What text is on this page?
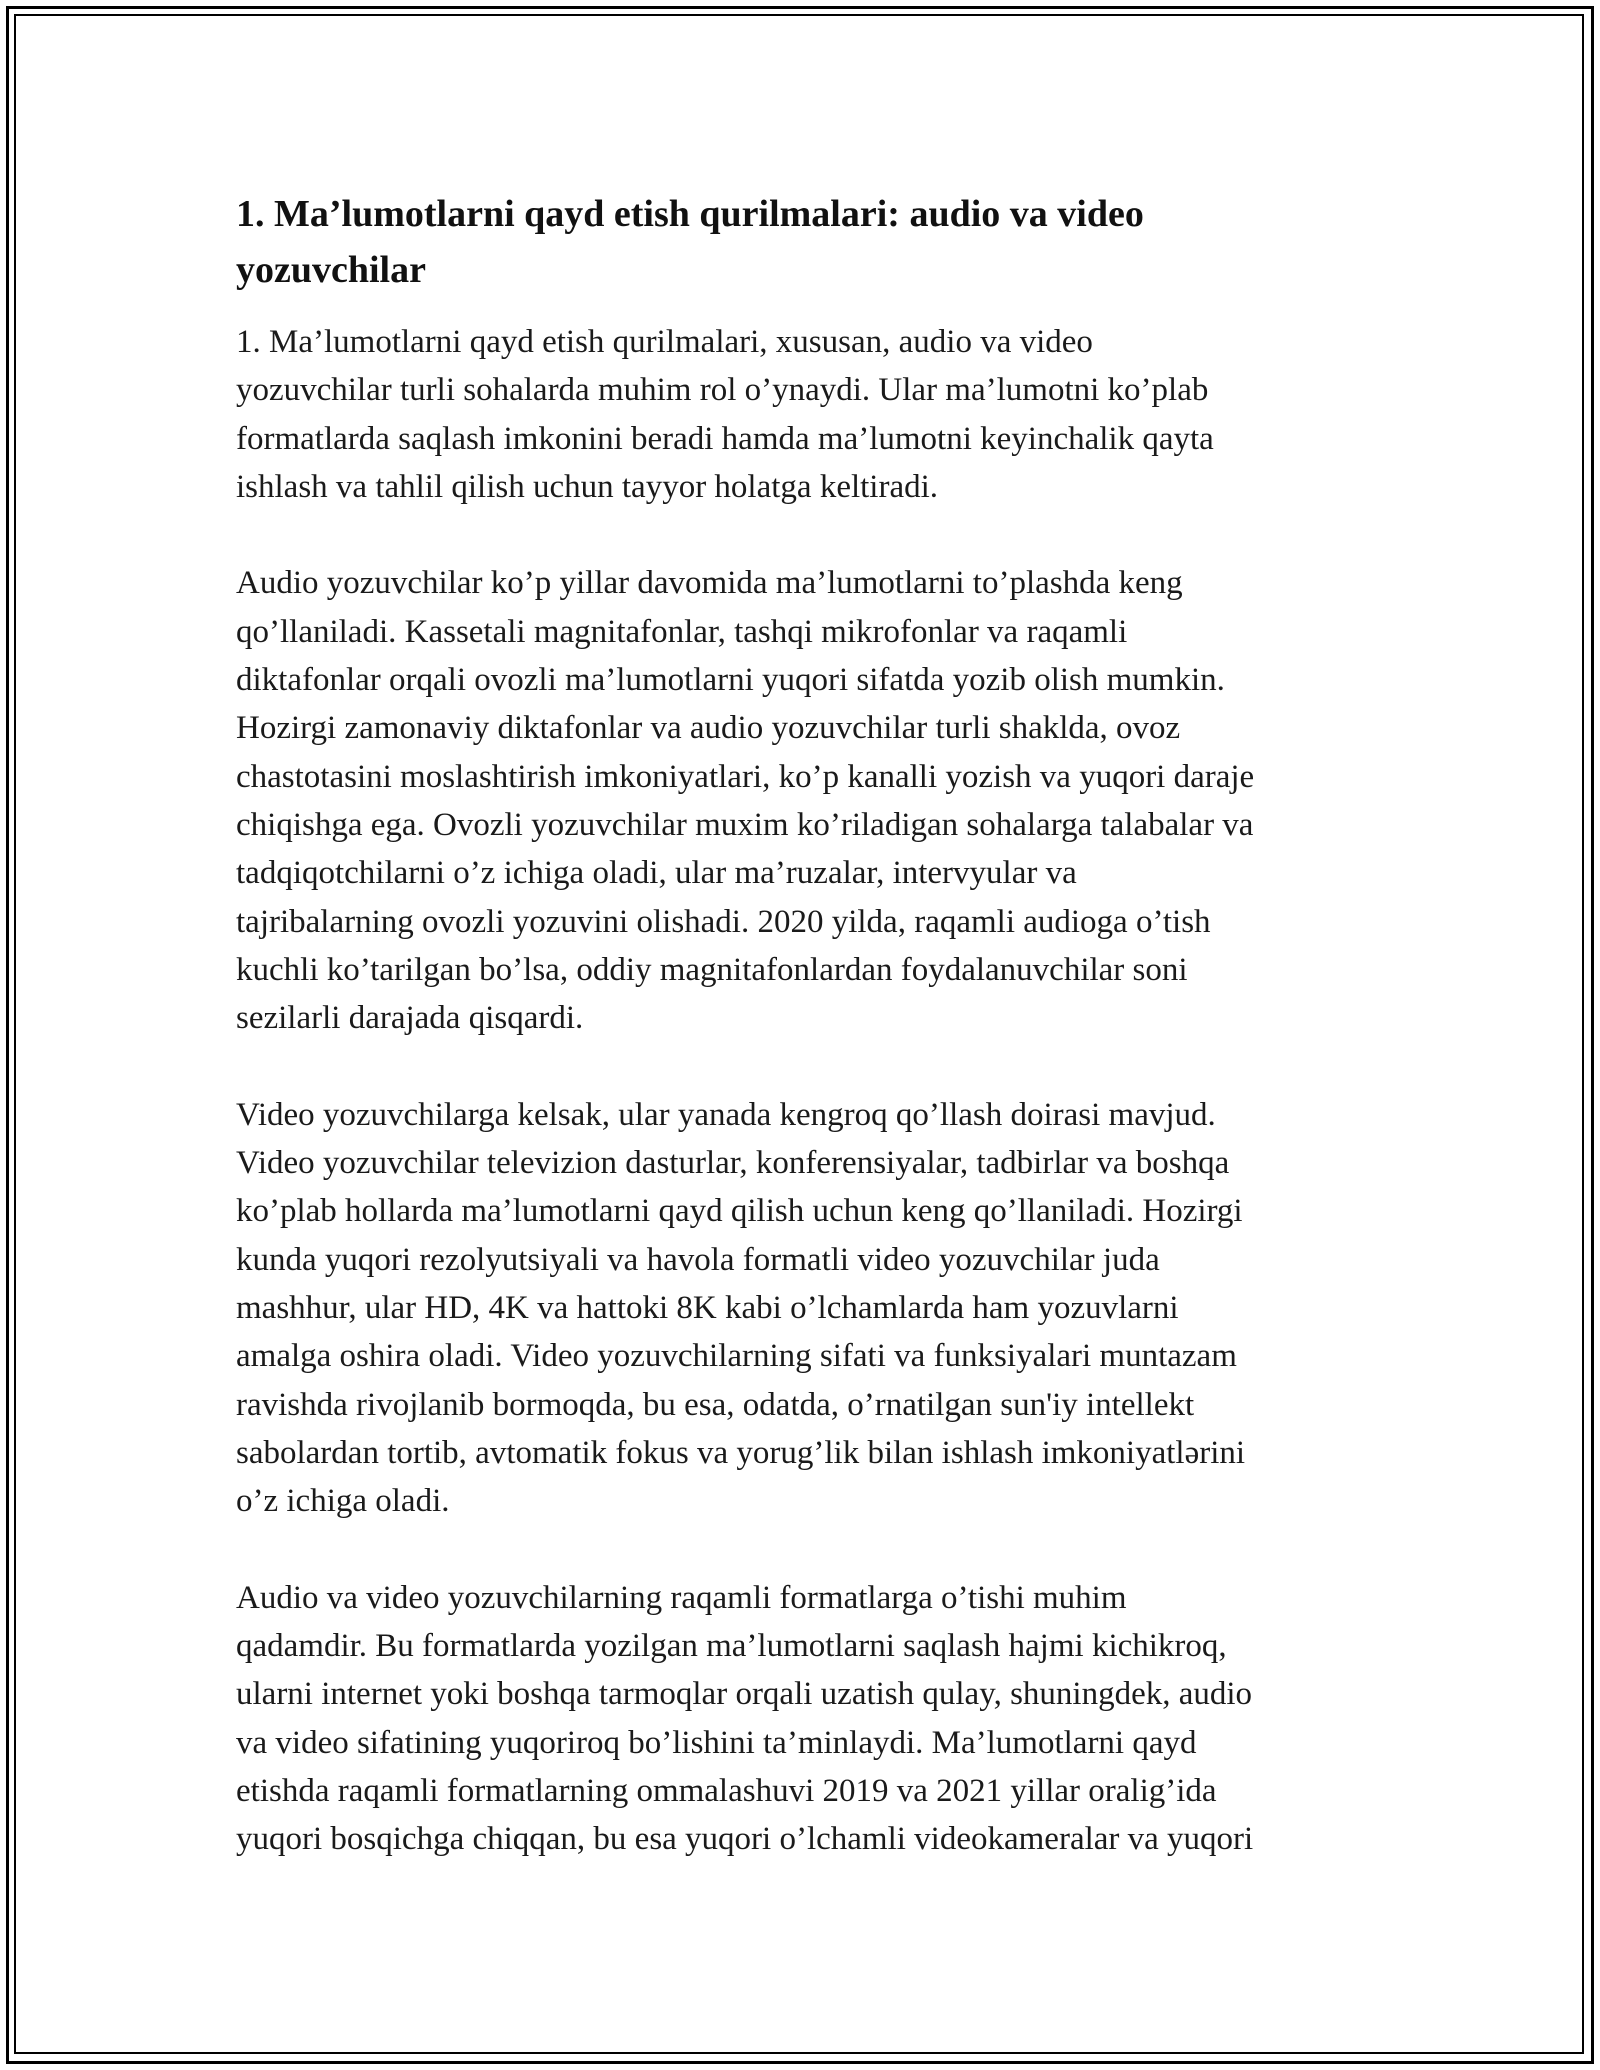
1. Ma’lumotlarni qayd etish qurilmalari: audio va video
yozuvchilar

1. Ma’lumotlarni qayd etish qurilmalari, xususan, audio va video
yozuvchilar turli sohalarda muhim rol o’ynaydi. Ular ma’lumotni ko’plab
formatlarda saqlash imkonini beradi hamda ma’lumotni keyinchalik qayta
ishlash va tahlil qilish uchun tayyor holatga keltiradi.

Audio yozuvchilar ko’p yillar davomida ma’lumotlarni to’plashda keng
qo’llaniladi. Kassetali magnitafonlar, tashqi mikrofonlar va raqamli
diktafonlar orqali ovozli ma’lumotlarni yuqori sifatda yozib olish mumkin.
Hozirgi zamonaviy diktafonlar va audio yozuvchilar turli shaklda, ovoz
chastotasini moslashtirish imkoniyatlari, ko’p kanalli yozish va yuqori daraje
chiqishga ega. Ovozli yozuvchilar muxim ko’riladigan sohalarga talabalar va
tadqiqotchilarni o’z ichiga oladi, ular ma’ruzalar, intervyular va
tajribalarning ovozli yozuvini olishadi. 2020 yilda, raqamli audioga o’tish
kuchli ko’tarilgan bo’lsa, oddiy magnitafonlardan foydalanuvchilar soni
sezilarli darajada qisqardi.

Video yozuvchilarga kelsak, ular yanada kengroq qo’llash doirasi mavjud.
Video yozuvchilar televizion dasturlar, konferensiyalar, tadbirlar va boshqa
ko’plab hollarda ma’lumotlarni qayd qilish uchun keng qo’llaniladi. Hozirgi
kunda yuqori rezolyutsiyali va havola formatli video yozuvchilar juda
mashhur, ular HD, 4K va hattoki 8K kabi o’lchamlarda ham yozuvlarni
amalga oshira oladi. Video yozuvchilarning sifati va funksiyalari muntazam
ravishda rivojlanib bormoqda, bu esa, odatda, o’rnatilgan sun'iy intellekt
sabolardan tortib, avtomatik fokus va yorug’lik bilan ishlash imkoniyatlərini
o’z ichiga oladi.

Audio va video yozuvchilarning raqamli formatlarga o’tishi muhim
qadamdir. Bu formatlarda yozilgan ma’lumotlarni saqlash hajmi kichikroq,
ularni internet yoki boshqa tarmoqlar orqali uzatish qulay, shuningdek, audio
va video sifatining yuqoriroq bo’lishini ta’minlaydi. Ma’lumotlarni qayd
etishda raqamli formatlarning ommalashuvi 2019 va 2021 yillar oralig’ida
yuqori bosqichga chiqqan, bu esa yuqori o’lchamli videokameralar va yuqori
